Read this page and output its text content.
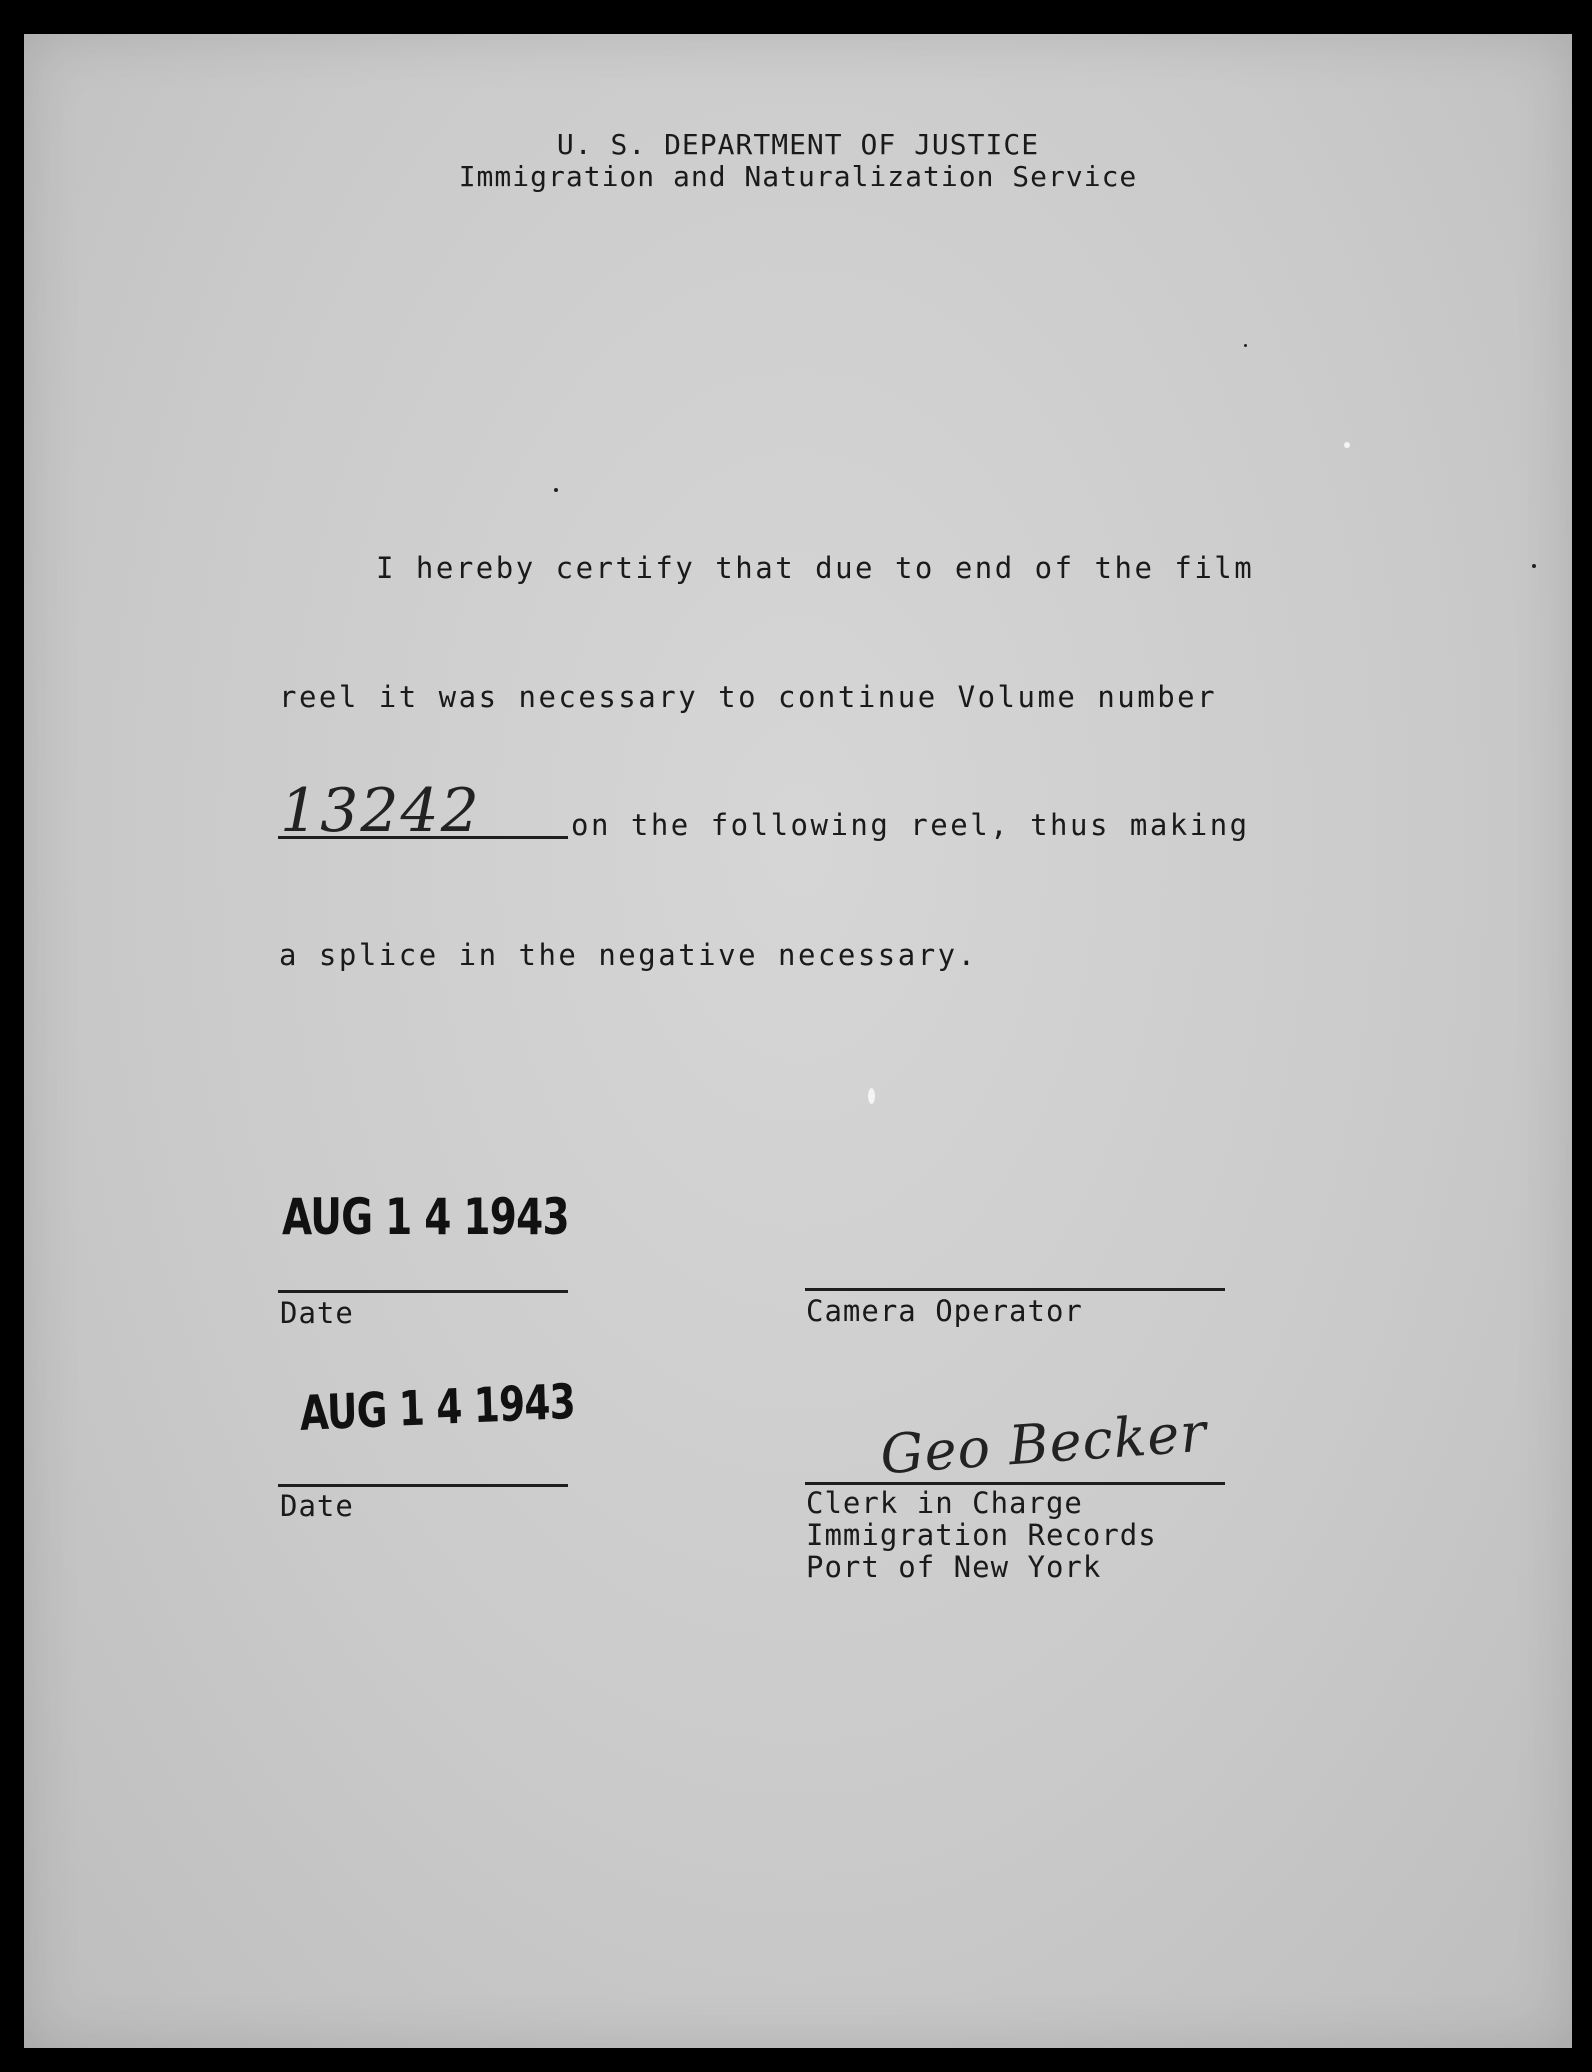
U. S. DEPARTMENT OF JUSTICE
Immigration and Naturalization Service
I hereby certify that due to end of the film
reel it was necessary to continue Volume number
13242	on the following reel, thus making
a splice in the negative necessary.
AUG 1 4 1943
Date	Camera Operator
AUG 1 4 1943
Date
Geo Becker
Clerk in Charge
Immigration Records
Port of New York
